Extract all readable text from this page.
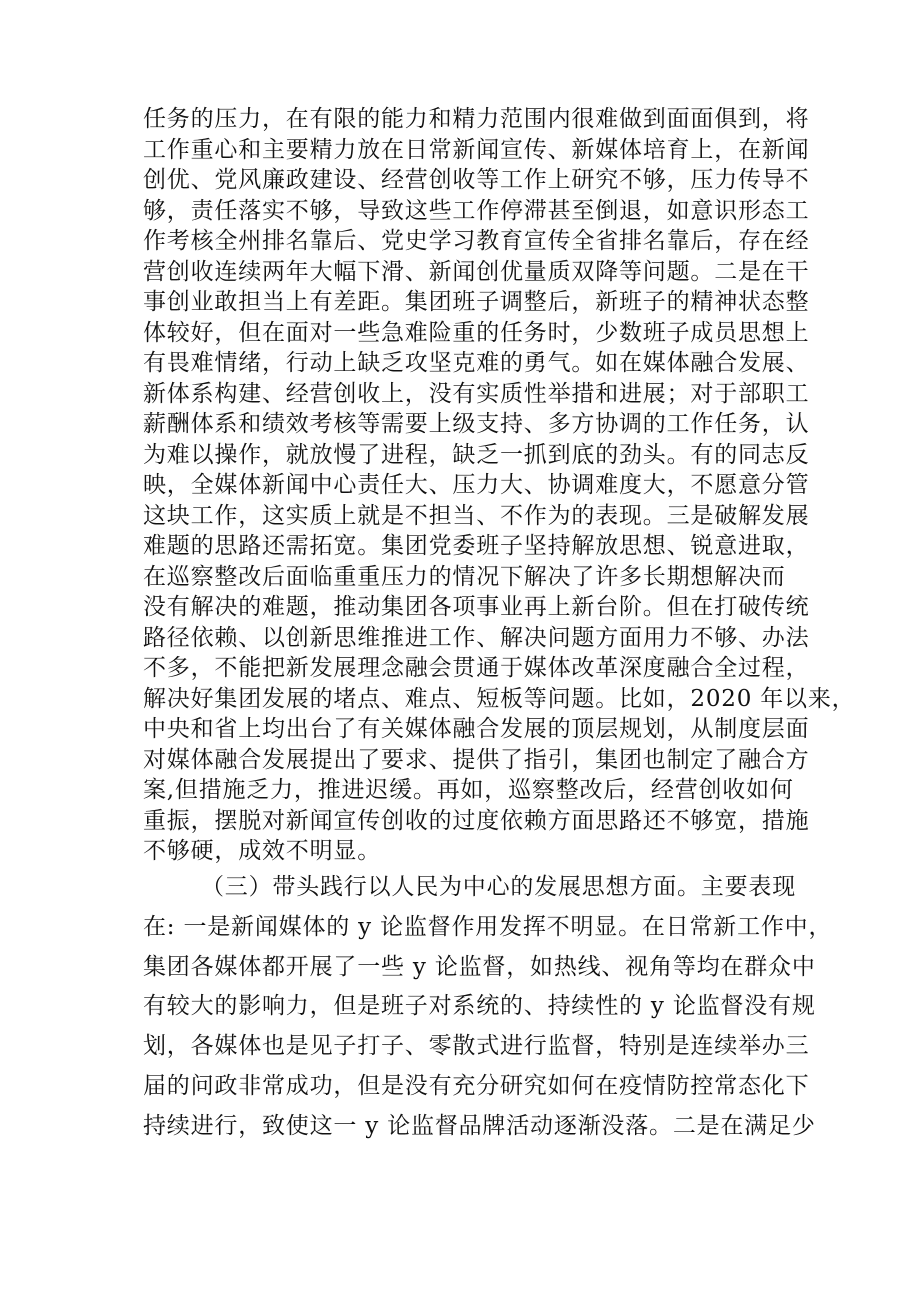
任务的压力，在有限的能力和精力范围内很难做到面面俱到，将
工作重心和主要精力放在日常新闻宣传、新媒体培育上，在新闻
创优、党风廉政建设、经营创收等工作上研究不够，压力传导不
够，责任落实不够，导致这些工作停滞甚至倒退，如意识形态工
作考核全州排名靠后、党史学习教育宣传全省排名靠后，存在经
营创收连续两年大幅下滑、新闻创优量质双降等问题。二是在干
事创业敢担当上有差距。集团班子调整后，新班子的精神状态整
体较好，但在面对一些急难险重的任务时，少数班子成员思想上
有畏难情绪，行动上缺乏攻坚克难的勇气。如在媒体融合发展、
新体系构建、经营创收上，没有实质性举措和进展；对于部职工
薪酬体系和绩效考核等需要上级支持、多方协调的工作任务，认
为难以操作，就放慢了进程，缺乏一抓到底的劲头。有的同志反
映，全媒体新闻中心责任大、压力大、协调难度大，不愿意分管
这块工作，这实质上就是不担当、不作为的表现。三是破解发展
难题的思路还需拓宽。集团党委班子坚持解放思想、锐意进取，
在巡察整改后面临重重压力的情况下解决了许多长期想解决而
没有解决的难题，推动集团各项事业再上新台阶。但在打破传统
路径依赖、以创新思维推进工作、解决问题方面用力不够、办法
不多，不能把新发展理念融会贯通于媒体改革深度融合全过程，
解决好集团发展的堵点、难点、短板等问题。比如，2020 年以来，
中央和省上均出台了有关媒体融合发展的顶层规划，从制度层面
对媒体融合发展提出了要求、提供了指引，集团也制定了融合方
案,但措施乏力，推进迟缓。再如，巡察整改后，经营创收如何
重振，摆脱对新闻宣传创收的过度依赖方面思路还不够宽，措施
不够硬，成效不明显。
（三）带头践行以人民为中心的发展思想方面。主要表现
在: 一是新闻媒体的 y 论监督作用发挥不明显。在日常新工作中，
集团各媒体都开展了一些 y 论监督，如热线、视角等均在群众中
有较大的影响力，但是班子对系统的、持续性的 y 论监督没有规
划，各媒体也是见子打子、零散式进行监督，特别是连续举办三
届的问政非常成功，但是没有充分研究如何在疫情防控常态化下
持续进行，致使这一 y 论监督品牌活动逐渐没落。二是在满足少
